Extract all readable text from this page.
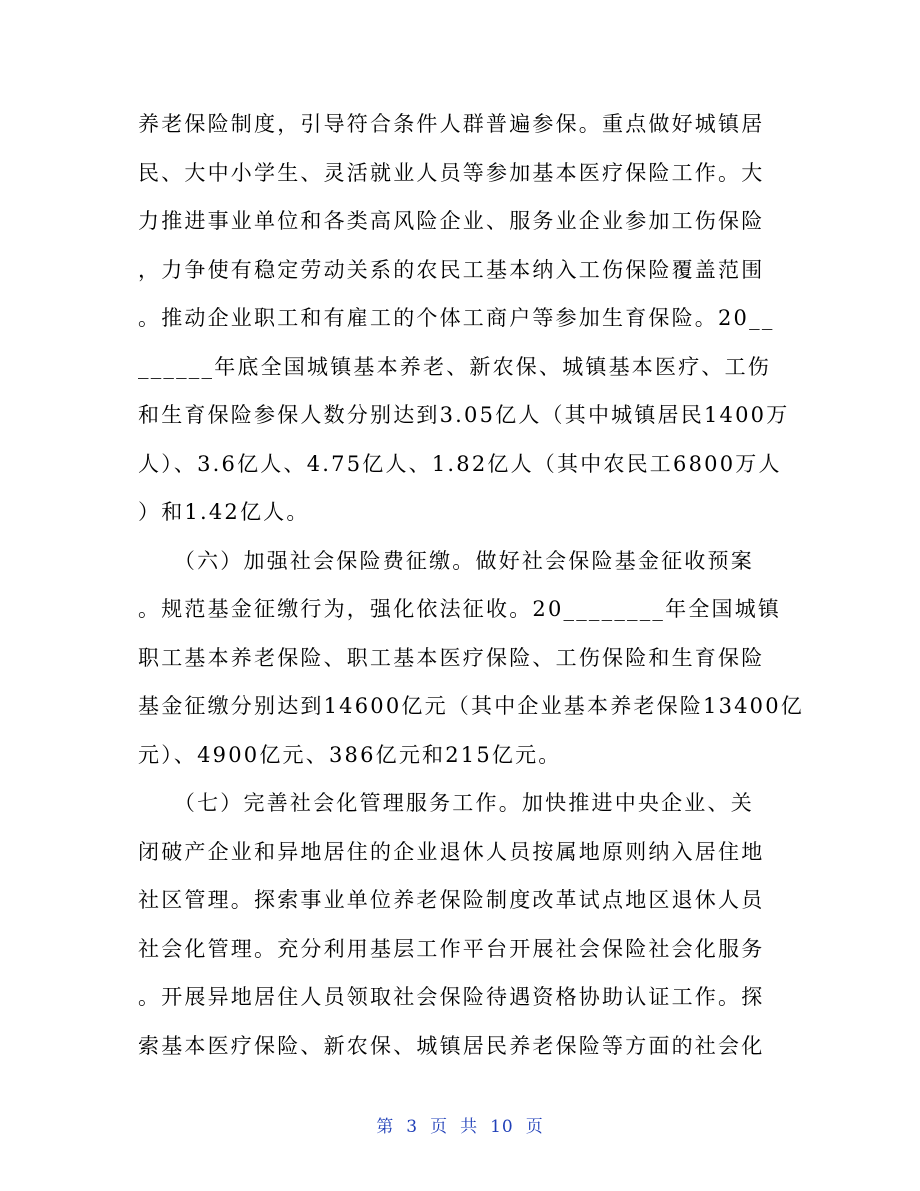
养老保险制度，引导符合条件人群普遍参保。重点做好城镇居
民、大中小学生、灵活就业人员等参加基本医疗保险工作。大
力推进事业单位和各类高风险企业、服务业企业参加工伤保险
，力争使有稳定劳动关系的农民工基本纳入工伤保险覆盖范围
。推动企业职工和有雇工的个体工商户等参加生育保险。20__
______年底全国城镇基本养老、新农保、城镇基本医疗、工伤
和生育保险参保人数分别达到3.05亿人（其中城镇居民1400万
人）、3.6亿人、4.75亿人、1.82亿人（其中农民工6800万人
）和1.42亿人。
　　（六）加强社会保险费征缴。做好社会保险基金征收预案
。规范基金征缴行为，强化依法征收。20________年全国城镇
职工基本养老保险、职工基本医疗保险、工伤保险和生育保险
基金征缴分别达到14600亿元（其中企业基本养老保险13400亿
元）、4900亿元、386亿元和215亿元。
　　（七）完善社会化管理服务工作。加快推进中央企业、关
闭破产企业和异地居住的企业退休人员按属地原则纳入居住地
社区管理。探索事业单位养老保险制度改革试点地区退休人员
社会化管理。充分利用基层工作平台开展社会保险社会化服务
。开展异地居住人员领取社会保险待遇资格协助认证工作。探
索基本医疗保险、新农保、城镇居民养老保险等方面的社会化
第 3 页 共 10 页
